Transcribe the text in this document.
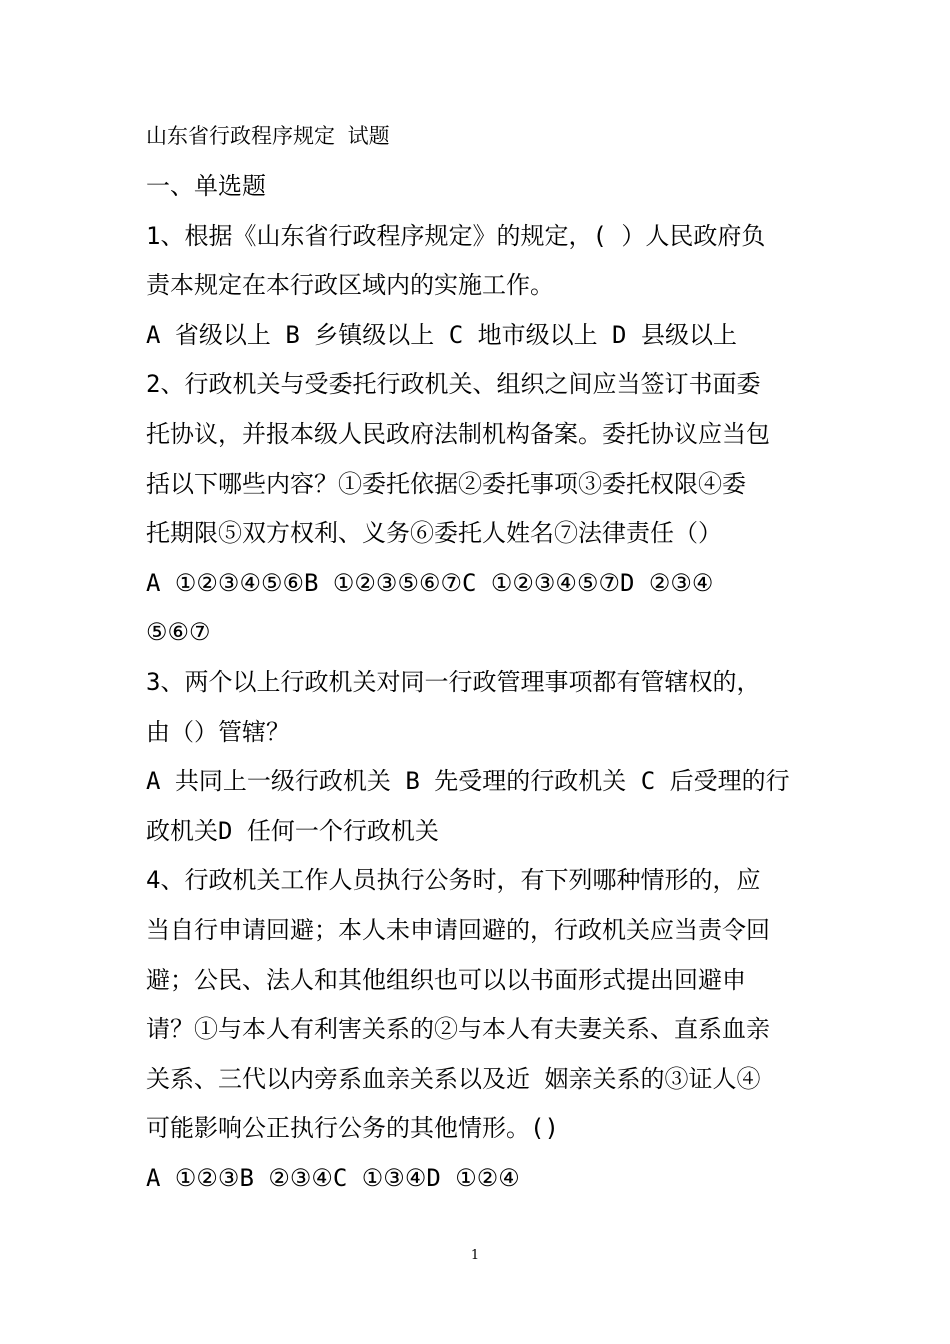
山东省行政程序规定 试题
一、单选题
1、根据《山东省行政程序规定》的规定，( ）人民政府负
责本规定在本行政区域内的实施工作。
A 省级以上 B 乡镇级以上 C 地市级以上 D 县级以上
2、行政机关与受委托行政机关、组织之间应当签订书面委
托协议，并报本级人民政府法制机构备案。委托协议应当包
括以下哪些内容？①委托依据②委托事项③委托权限④委
托期限⑤双方权利、义务⑥委托人姓名⑦法律责任（）
A ①②③④⑤⑥B ①②③⑤⑥⑦C ①②③④⑤⑦D ②③④
⑤⑥⑦
3、两个以上行政机关对同一行政管理事项都有管辖权的，
由（）管辖？
A 共同上一级行政机关 B 先受理的行政机关 C 后受理的行
政机关D 任何一个行政机关
4、行政机关工作人员执行公务时，有下列哪种情形的，应
当自行申请回避；本人未申请回避的，行政机关应当责令回
避；公民、法人和其他组织也可以以书面形式提出回避申
请？①与本人有利害关系的②与本人有夫妻关系、直系血亲
关系、三代以内旁系血亲关系以及近 姻亲关系的③证人④
可能影响公正执行公务的其他情形。()
A ①②③B ②③④C ①③④D ①②④
1
